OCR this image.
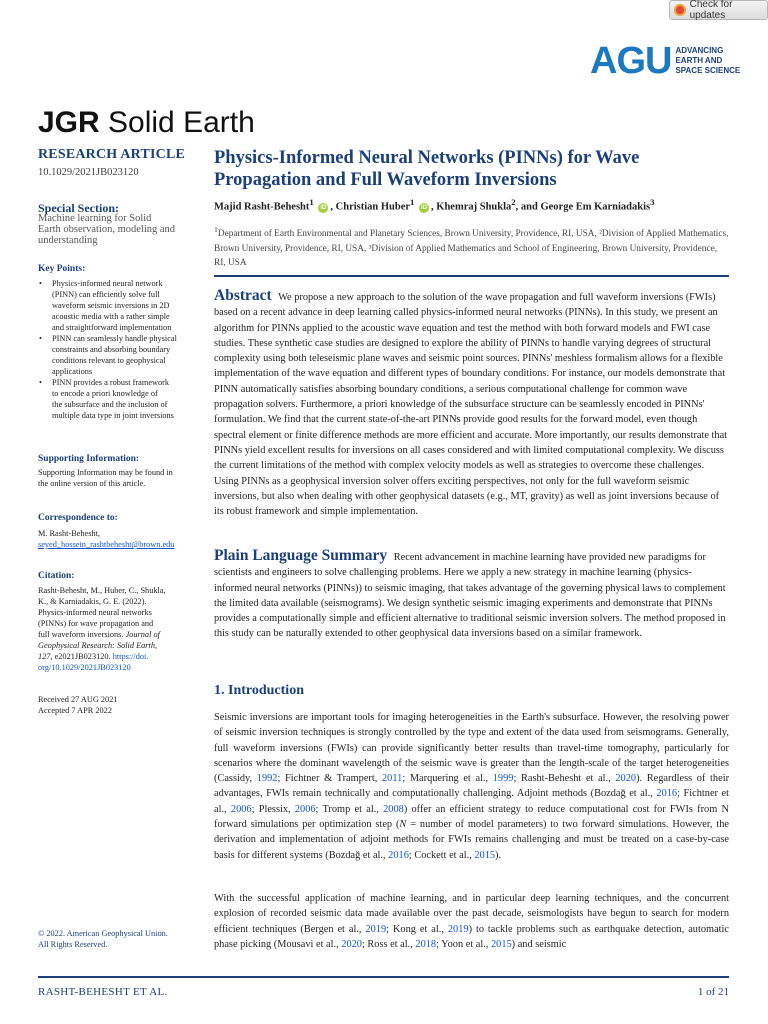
Check for updates
AGU ADVANCING
EARTH AND
SPACE SCIENCE
JGR Solid Earth
RESEARCH ARTICLE
10.1029/2021JB023120
Special Section:
Machine learning for Solid
Earth observation, modeling and
understanding
Key Points:
• Physics-informed neural network
(PINN) can efficiently solve full
waveform seismic inversions in 2D
acoustic media with a rather simple
and straightforward implementation
• PINN can seamlessly handle physical
constraints and absorbing boundary
conditions relevant to geophysical
applications
• PINN provides a robust framework
to encode a priori knowledge of
the subsurface and the inclusion of
multiple data type in joint inversions
Supporting Information:
Supporting Information may be found in
the online version of this article.
Correspondence to:
M. Rasht-Behesht,
seyed_hossein_rashtbehesht@brown.edu
Citation:
Rasht-Behesht, M., Huber, C., Shukla,
K., & Karniadakis, G. E. (2022).
Physics-informed neural networks
(PINNs) for wave propagation and
full waveform inversions. Journal of
Geophysical Research: Solid Earth,
127, e2021JB023120. https://doi.
org/10.1029/2021JB023120
Received 27 AUG 2021
Accepted 7 APR 2022
© 2022. American Geophysical Union.
All Rights Reserved.
Physics-Informed Neural Networks (PINNs) for Wave
Propagation and Full Waveform Inversions
Majid Rasht-Behesht$^1$ iD , Christian Huber$^1$ iD , Khemraj Shukla$^2$, and George Em Karniadakis$^3$
$^1$Department of Earth Environmental and Planetary Sciences, Brown University, Providence, RI, USA, ²Division of Applied Mathematics, Brown University, Providence, RI, USA, ³Division of Applied Mathematics and School of Engineering, Brown University, Providence, RI, USA
Abstract We propose a new approach to the solution of the wave propagation and full waveform inversions (FWIs) based on a recent advance in deep learning called physics-informed neural networks (PINNs). In this study, we present an algorithm for PINNs applied to the acoustic wave equation and test the method with both forward models and FWI case studies. These synthetic case studies are designed to explore the ability of PINNs to handle varying degrees of structural complexity using both teleseismic plane waves and seismic point sources. PINNs' meshless formalism allows for a flexible implementation of the wave equation and different types of boundary conditions. For instance, our models demonstrate that PINN automatically satisfies absorbing boundary conditions, a serious computational challenge for common wave propagation solvers. Furthermore, a priori knowledge of the subsurface structure can be seamlessly encoded in PINNs' formulation. We find that the current state-of-the-art PINNs provide good results for the forward model, even though spectral element or finite difference methods are more efficient and accurate. More importantly, our results demonstrate that PINNs yield excellent results for inversions on all cases considered and with limited computational complexity. We discuss the current limitations of the method with complex velocity models as well as strategies to overcome these challenges. Using PINNs as a geophysical inversion solver offers exciting perspectives, not only for the full waveform seismic inversions, but also when dealing with other geophysical datasets (e.g., MT, gravity) as well as joint inversions because of its robust framework and simple implementation.
Plain Language Summary Recent advancement in machine learning have provided new paradigms for scientists and engineers to solve challenging problems. Here we apply a new strategy in machine learning (physics-informed neural networks (PINNs)) to seismic imaging, that takes advantage of the governing physical laws to complement the limited data available (seismograms). We design synthetic seismic imaging experiments and demonstrate that PINNs provides a computationally simple and efficient alternative to traditional seismic inversion solvers. The method proposed in this study can be naturally extended to other geophysical data inversions based on a similar framework.
1. Introduction
Seismic inversions are important tools for imaging heterogeneities in the Earth's subsurface. However, the resolving power of seismic inversion techniques is strongly controlled by the type and extent of the data used from seismograms. Generally, full waveform inversions (FWIs) can provide significantly better results than travel-time tomography, particularly for scenarios where the dominant wavelength of the seismic wave is greater than the length-scale of the target heterogeneities (Cassidy, 1992; Fichtner & Trampert, 2011; Marquering et al., 1999; Rasht-Behesht et al., 2020). Regardless of their advantages, FWIs remain technically and computationally challenging. Adjoint methods (Bozdağ et al., 2016; Fichtner et al., 2006; Plessix, 2006; Tromp et al., 2008) offer an efficient strategy to reduce computational cost for FWIs from N forward simulations per optimization step (N = number of model parameters) to two forward simulations. However, the derivation and implementation of adjoint methods for FWIs remains challenging and must be treated on a case-by-case basis for different systems (Bozdağ et al., 2016; Cockett et al., 2015).
With the successful application of machine learning, and in particular deep learning techniques, and the concurrent explosion of recorded seismic data made available over the past decade, seismologists have begun to search for modern efficient techniques (Bergen et al., 2019; Kong et al., 2019) to tackle problems such as earthquake detection, automatic phase picking (Mousavi et al., 2020; Ross et al., 2018; Yoon et al., 2015) and seismic
RASHT-BEHESHT ET AL.	1 of 21
